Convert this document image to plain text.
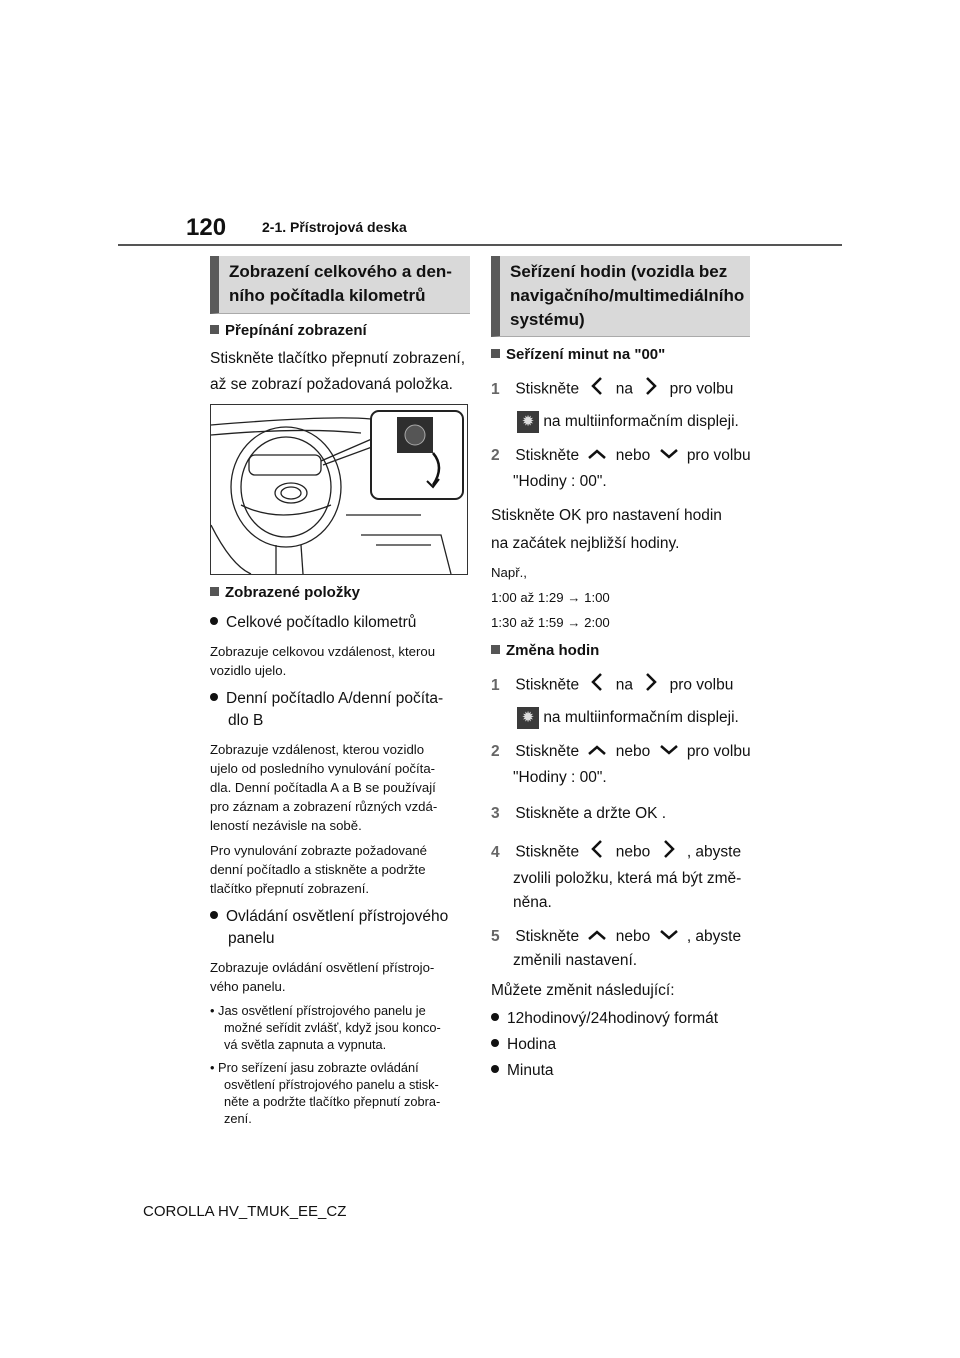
120	2-1. Přístrojová deska
Zobrazení celkového a den-
ního počítadla kilometrů
Přepínání zobrazení
Stiskněte tlačítko přepnutí zobrazení,
až se zobrazí požadovaná položka.
Zobrazené položky
Celkové počítadlo kilometrů
Zobrazuje celkovou vzdálenost, kterou
vozidlo ujelo.
Denní počítadlo A/denní počíta-
dlo B
Zobrazuje vzdálenost, kterou vozidlo
ujelo od posledního vynulování počíta-
dla. Denní počítadla A a B se používají
pro záznam a zobrazení různých vzdá-
leností nezávisle na sobě.
Pro vynulování zobrazte požadované
denní počítadlo a stiskněte a podržte
tlačítko přepnutí zobrazení.
Ovládání osvětlení přístrojového
panelu
Zobrazuje ovládání osvětlení přístrojo-
vého panelu.
• Jas osvětlení přístrojového panelu je
možné seřídit zvlášť, když jsou konco-
vá světla zapnuta a vypnuta.
• Pro seřízení jasu zobrazte ovládání
osvětlení přístrojového panelu a stisk-
něte a podržte tlačítko přepnutí zobra-
zení.
Seřízení hodin (vozidla bez
navigačního/multimediálního
systému)
Seřízení minut na "00"
1 Stiskněte na pro volbu
✹ na multiinformačním displeji.
2 Stiskněte nebo pro volbu
"Hodiny : 00".
Stiskněte OK pro nastavení hodin
na začátek nejbližší hodiny.
Např.,
1:00 až 1:29 → 1:00
1:30 až 1:59 → 2:00
Změna hodin
1 Stiskněte na pro volbu
✹ na multiinformačním displeji.
2 Stiskněte nebo pro volbu
"Hodiny : 00".
3 Stiskněte a držte OK .
4 Stiskněte nebo , abyste
zvolili položku, která má být změ-
něna.
5 Stiskněte nebo , abyste
změnili nastavení.
Můžete změnit následující:
12hodinový/24hodinový formát
Hodina
Minuta
COROLLA HV_TMUK_EE_CZ
